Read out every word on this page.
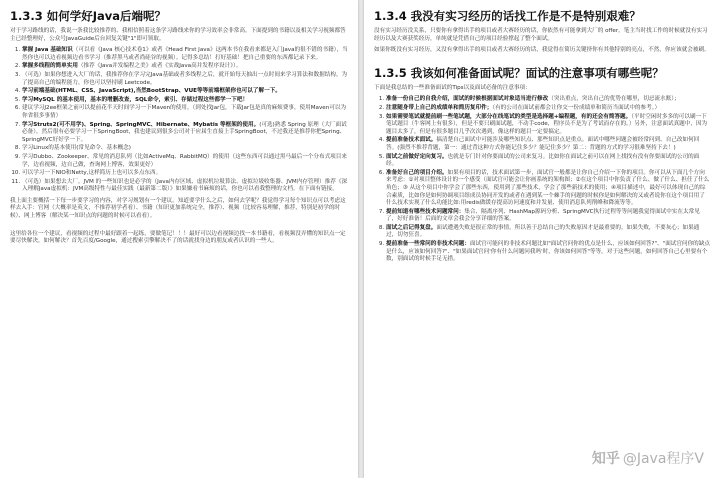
1.3.3 如何学好Java后端呢？

对于学习路线的话，我说一条我比较推荐的、我相信照着这条学习路线来你的学习效率会非常高。下面提到的书籍以及相关学习视频都答主已经整理好，公众号JavaGuide后台回复关键"1"即可领取。

1. 掌握 Java 基础知识（可以看《Java 核心技术卷1》或者《Head First Java》这两本书在我看来都是入门Java的很不错的书籍），当然你也可以边看视频边看书学习（推荐黑马或者尚硅谷的视频）。记得多总结！打好基础！把自己重要的东西都记录下来。
2. 掌握多线程的简单实用（推荐《Java并发编程之美》或者《实战Java高并发程序设计》）。
3. （可选）如果你想进入大厂的话，我推荐你在学习完Java基础或者多线程之后，就开始每天抽出一点时间来学习算法和数据结构。为了提高自己的编程能力，你也可以坚持刷 Leetcode。
4. 学习前端基础(HTML、CSS、JavaScript),当然BootStrap、VUE等等前端框架你也可以了解一下。
5. 学习MySQL 的基本使用，基本的增删改查，SQL命令，索引、存储过程这些都学一下吧！
6. 建议学习J2ee框架之前可以提前花半天时间学习一下Maven的使用。（到处找Jar包，下载Jar包是真的麻烦费事，使用Maven可以为你省很多事情）
7. 学习Struts2(可不用学)、Spring、SpringMVC、Hibernate、Mybatis 等框架的使用。(可选)熟悉 Spring 原理（大厂面试必备），然后很有必要学习一下SpringBoot，我也建议到很多公司对于应届生直接上手SpringBoot，不过我还是推荐你把Spring、SpringMVC好好学一下。
8. 学习Linux的基本使用(常见命令、基本概念)
9. 学习Dubbo、Zookeeper、常见的消息队列（比如ActiveMq、RabbitMQ）的使用（这些东西可以通过黑马最后一个分布式项目来学，边看视频，边自己做，查询网上博客，效果更好）
10. 可以学习一下NIO和Netty,这样简历上也可以多点东西。
11. （可选）如果想去大厂，JVM 的一些知识也是必学的（Java内存区域、虚拟机垃圾算法、虚拟垃圾收集器、JVM内存管理）推荐《深入理解Java虚拟机：JVM高级特性与最佳实践（最新第二版）》如果嫌看书麻烦的话，你也可以看我整理的文档。在下面有链接。

我上面主要概括一下每一步要学习的内容，对学习规划有一个建议。知道要学什么之后，如何去学呢？我觉得学习每个知识点可以考虑这样去入手：官网（大概率是英文，不推荐初学者看）、书籍（知识更加系统完全，推荐）、视频（比较容易理解，推荐，特别是初学的时候）、网上博客（解决某一知识点的问题的时候可以看看）。

这里给各位一个建议，看视频的过程中最好跟着一起练，要做笔记！！！最好可以边看视频边找一本书籍看，看视频没弄懂的知识点一定要尽快解决，如何解决？首先百度/Google，通过搜索引擎解决不了的话就找身边的朋友或者认识的一些人。

1.3.4 我没有实习经历的话找工作是不是特别艰难？

没有实习经历没关系，只要你有拿得出手的项目或者大赛经历的话，你依然有可能拿到大厂的 offer。笔主当时找工作的时候就没有实习经历以及大赛获奖经历，单纯就是凭借自己的项目经验撑起了整个面试。

如果你既没有实习经历，又没有拿得出手的项目或者大赛经历的话，我觉得在简历关键挤你有其他特别的亮点，不然，你应该就会被刷。

1.3.5 我该如何准备面试呢？面试的注意事项有哪些呢？

下面是我总结的一些准备面试的Tips以及面试必备的注意事项：

1. 准备一份自己的自我介绍，面试的时候根据面试对象适当进行修改（突出重点，突出自己的优势在哪里，切忌流水账）；
2. 注意随身带上自己的成绩单和简历复印件；（有的公司在面试前都会让你交一份成绩单和简历当面试中的参考。）
3. 如果需要笔试就提前刷一些笔试题，大部分在线笔试的类型是选择题+编程题，有的还会有简答题。（平时空闲时多多的可以刷一下笔试题目（牛客网上有很多），但是不要只刷面试题，不动手code，程序员不是为了考试而存在的。）另外，注意面试真题中，因为题目太多了，但是有很多题目几乎次次遇到，像这样的题目一定要搞定。
4. 提前准备技术面试。搞清楚自己面试中可能涉及哪些知识点、那些知识点是重点。面试中哪些问题会被经常问到、自己改如何回答。(强烈不推荐背题，第一：通过背这种方式你能记住多少？能记住多少？第二：背题的方式的学习很难坚持下去！)
5. 面试之前做好定向复习。也就是专门针对你要面试的公司来复习。比如你在面试之前可以在网上找找有没有你要面试的公司的面经。
6. 准备好自己的项目介绍。如果有项目的话，技术面试第一步，面试官一般都是让你自己介绍一下你的项目。你可以从下面几个方向来考虑：①对项目整体设计的一个感受（面试官可能会让你画系统的架构图；②在这个项目中你负责了什么、做了什么、担任了什么角色；③ 从这个项目中你学会了那些东西，使用到了那些技术，学会了那些新技术的使用；④项目描述中，最好可以体现自己的综合素质，比如你是如何协调项目组成员协同开发的或者在遇到某一个棘手的问题的时候你是如何解决的又或者说你在这个项目用了什么技术实现了什么功能比如:用redis做缓存提高访问速度和并发量、使用消息队列削峰和降流等等。
7. 提前知道有哪些技术问题常问：集合、隔离序列、HashMap源码分析、SpringMVC执行过程等等问题我觉得面试中实在太常见了，好好准备！后面的文章会我会分享详细的答案。
8. 面试之后记得复盘。面试遭遇失败是很正常的事情，所以善于总结自己的失败原因才是最重要的。如果失败，不要灰心；如果通过，切勿狂喜。
9. 提前准备一些常问的非技术问题：面试官可能问的非技术问题比如"面试官问你的优点是什么，应该如何回答?"、"面试官问你的缺点是什么，应该如何回答?"、"如果面试官问'你有什么问题问我吗'时，你该如何回答"等等，对于这些问题，如何回答自己心里要有个数，别面试的时候手足无措。
知乎 @Java程序V
